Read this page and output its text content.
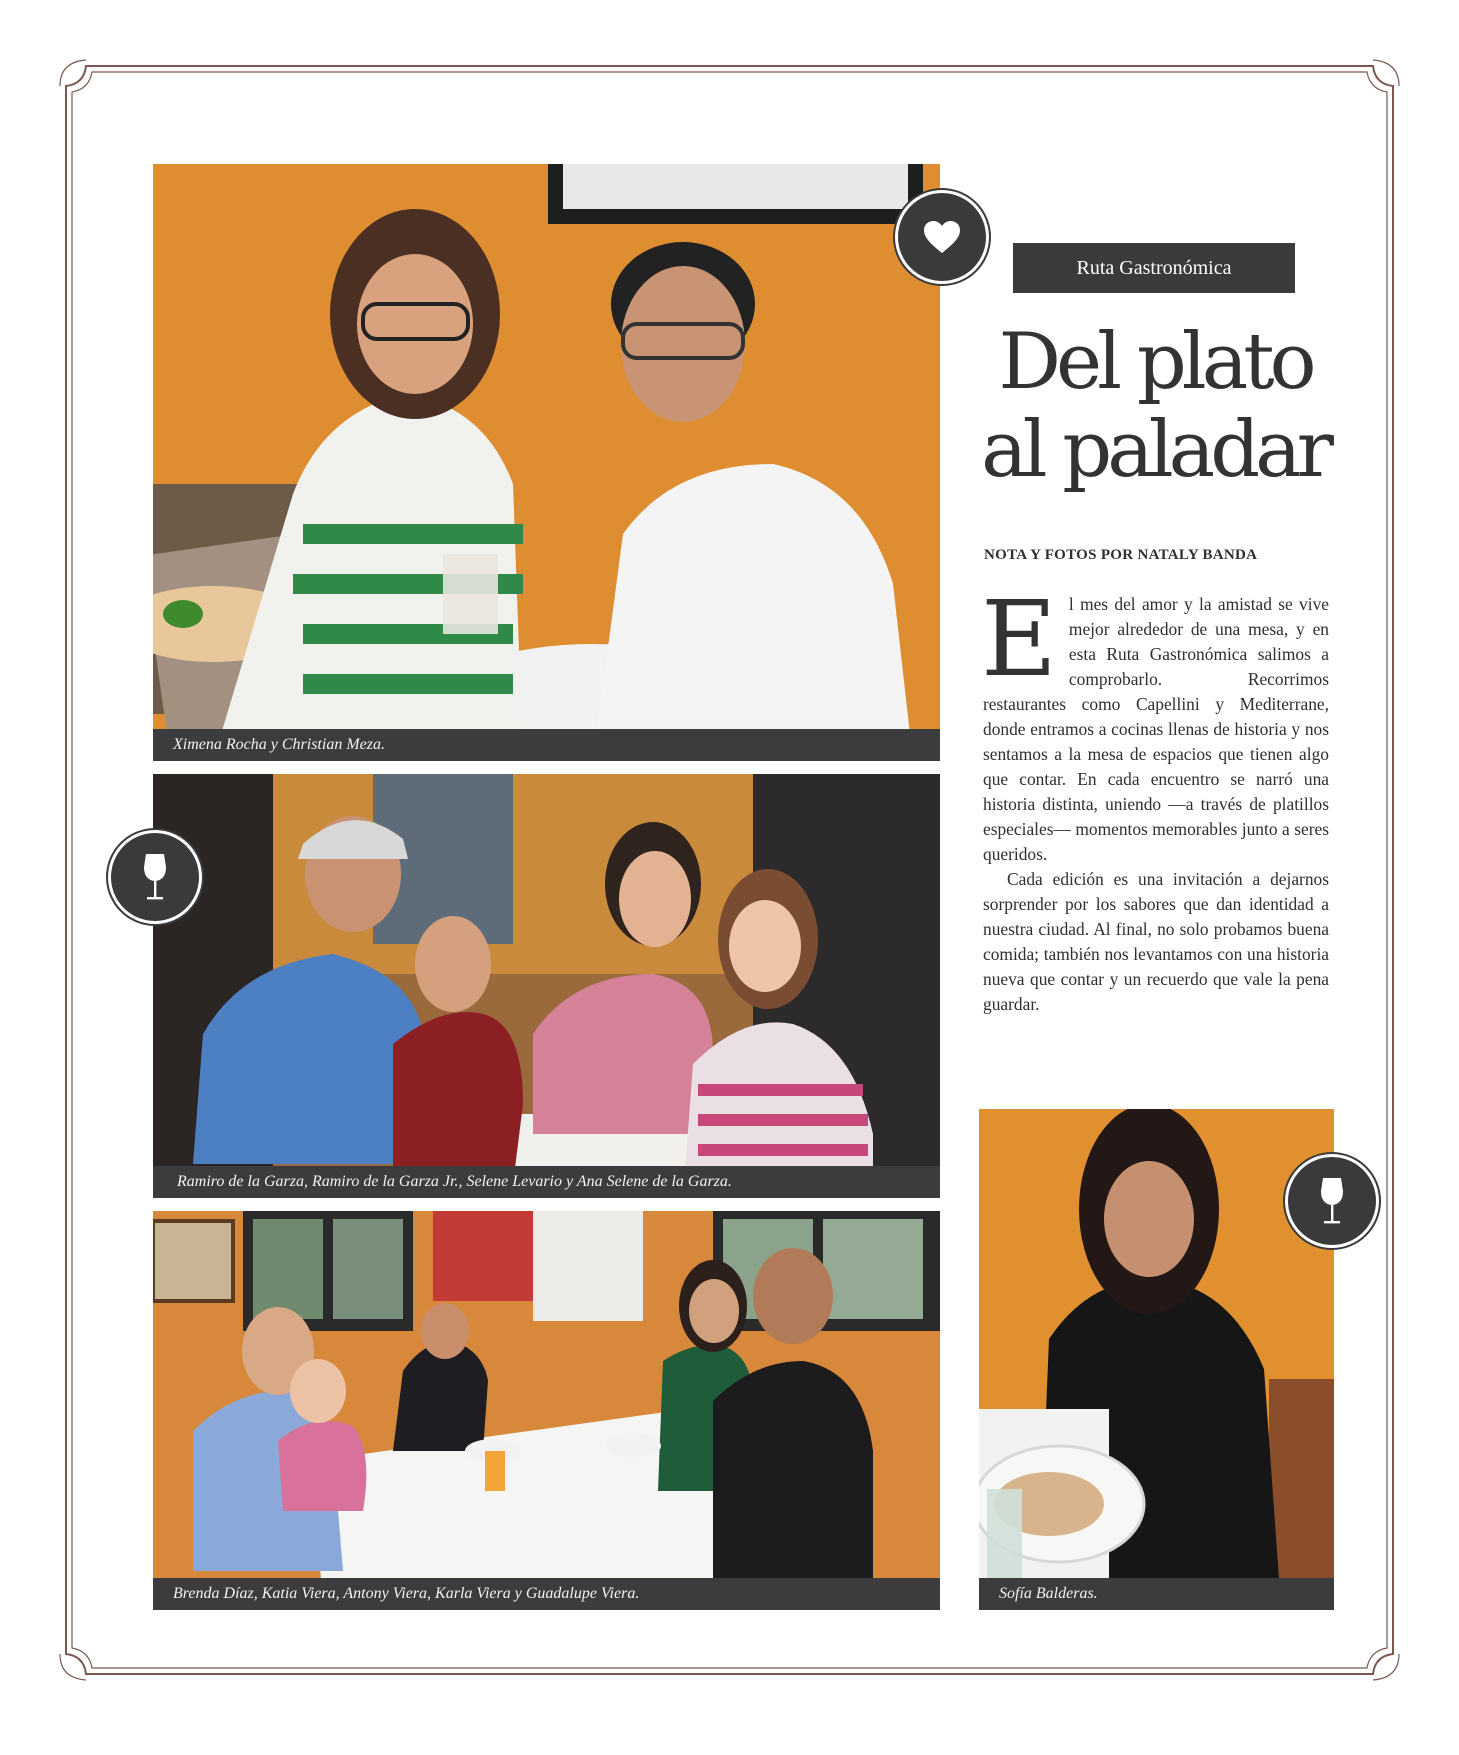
Ximena Rocha y Christian Meza.
Ramiro de la Garza, Ramiro de la Garza Jr., Selene Levario y Ana Selene de la Garza.
Brenda Díaz, Katia Viera, Antony Viera, Karla Viera y Guadalupe Viera.	Sofía Balderas.
Ruta Gastronómica
Del plato
al paladar
NOTA Y FOTOS POR NATALY BANDA

El mes del amor y la amistad se vive mejor alrededor de una mesa, y en esta Ruta Gastronómica salimos a comprobarlo. Recorrimos restaurantes como Capellini y Mediterrane, donde entramos a cocinas llenas de historia y nos sentamos a la mesa de espacios que tienen algo que contar. En cada encuentro se narró una historia distinta, uniendo —a través de platillos especiales— momentos memorables junto a seres queridos.

Cada edición es una invitación a dejarnos sorprender por los sabores que dan identidad a nuestra ciudad. Al final, no solo probamos buena comida; también nos levantamos con una historia nueva que contar y un recuerdo que vale la pena guardar.
